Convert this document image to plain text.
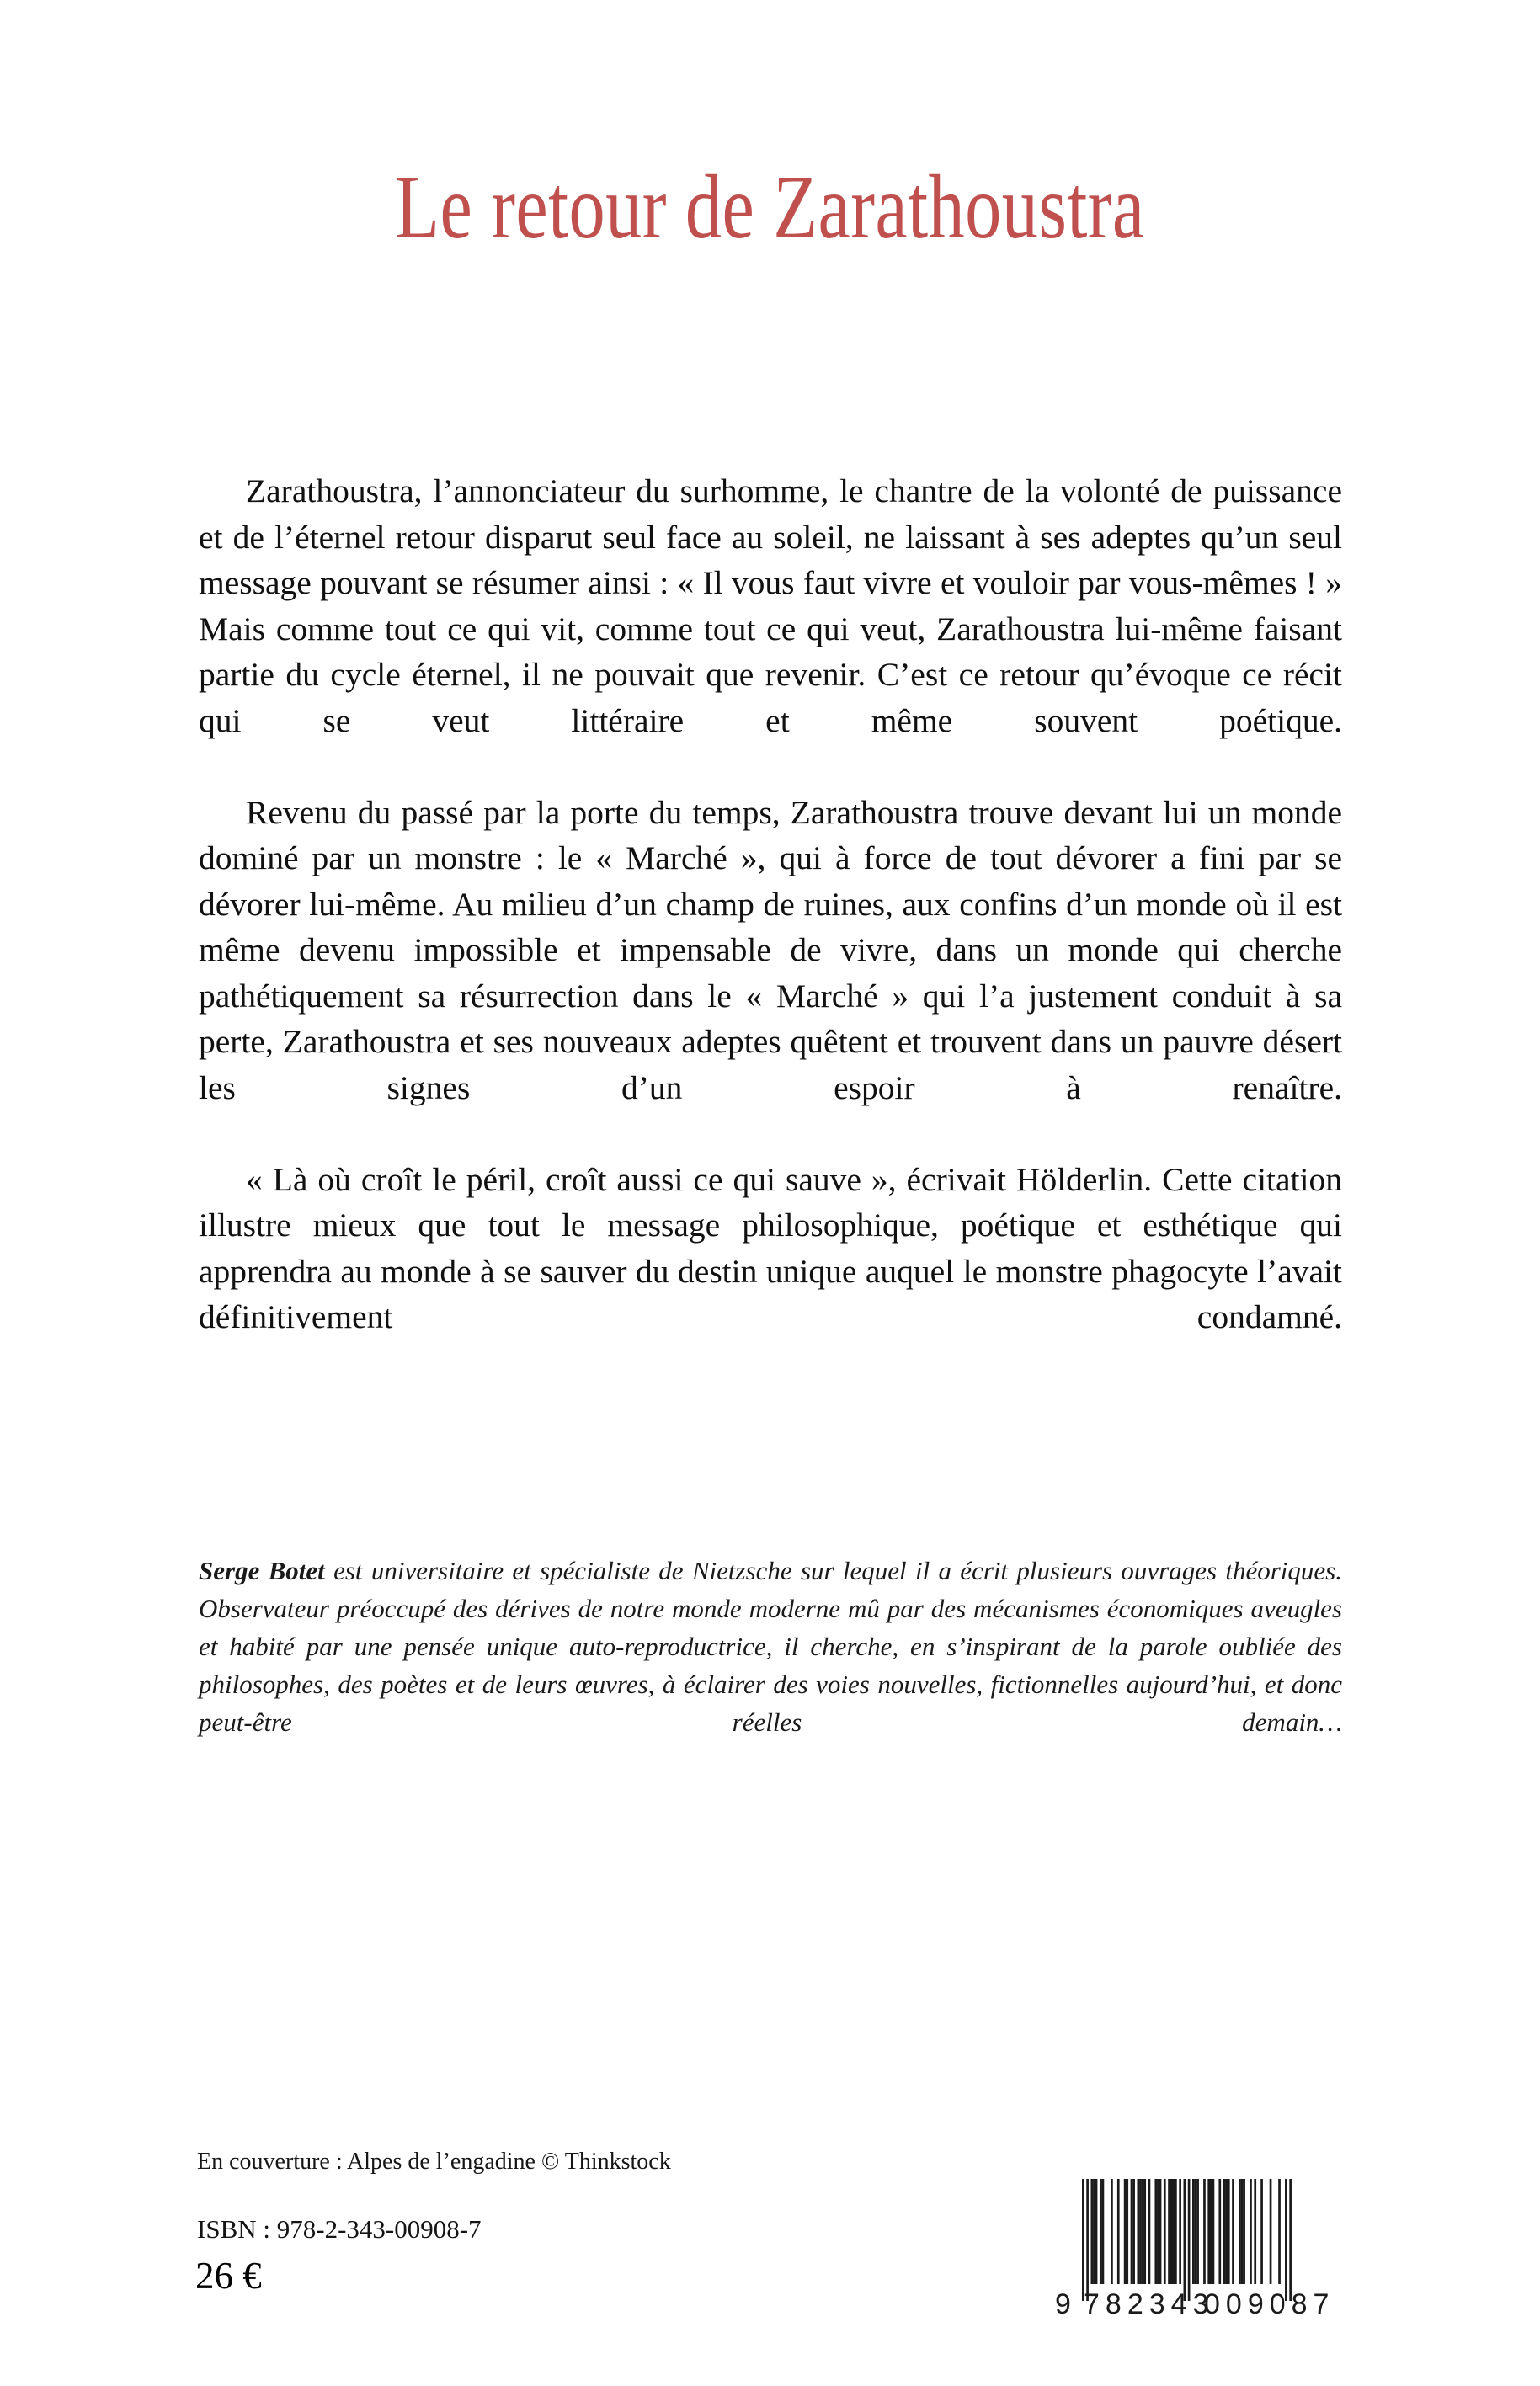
Le retour de Zarathoustra

Zarathoustra, l’annonciateur du surhomme, le chantre de la volonté de puissance et de l’éternel retour disparut seul face au soleil, ne laissant à ses adeptes qu’un seul message pouvant se résumer ainsi : « Il vous faut vivre et vouloir par vous-mêmes ! » Mais comme tout ce qui vit, comme tout ce qui veut, Zarathoustra lui-même faisant partie du cycle éternel, il ne pouvait que revenir. C’est ce retour qu’évoque ce récit qui se veut littéraire et même souvent poétique.

Revenu du passé par la porte du temps, Zarathoustra trouve devant lui un monde dominé par un monstre : le « Marché », qui à force de tout dévorer a fini par se dévorer lui-même. Au milieu d’un champ de ruines, aux confins d’un monde où il est même devenu impossible et impensable de vivre, dans un monde qui cherche pathétiquement sa résurrection dans le « Marché » qui l’a justement conduit à sa perte, Zarathoustra et ses nouveaux adeptes quêtent et trouvent dans un pauvre désert les signes d’un espoir à renaître.

« Là où croît le péril, croît aussi ce qui sauve », écrivait Hölderlin. Cette citation illustre mieux que tout le message philosophique, poétique et esthétique qui apprendra au monde à se sauver du destin unique auquel le monstre phagocyte l’avait définitivement condamné.

Serge Botet est universitaire et spécialiste de Nietzsche sur lequel il a écrit plusieurs ouvrages théoriques. Observateur préoccupé des dérives de notre monde moderne mû par des mécanismes économiques aveugles et habité par une pensée unique auto-reproductrice, il cherche, en s’inspirant de la parole oubliée des philosophes, des poètes et de leurs œuvres, à éclairer des voies nouvelles, fictionnelles aujourd’hui, et donc peut-être réelles demain…

En couverture : Alpes de l’engadine © Thinkstock
ISBN : 978-2-343-00908-7
26 €
9 782343
009087
